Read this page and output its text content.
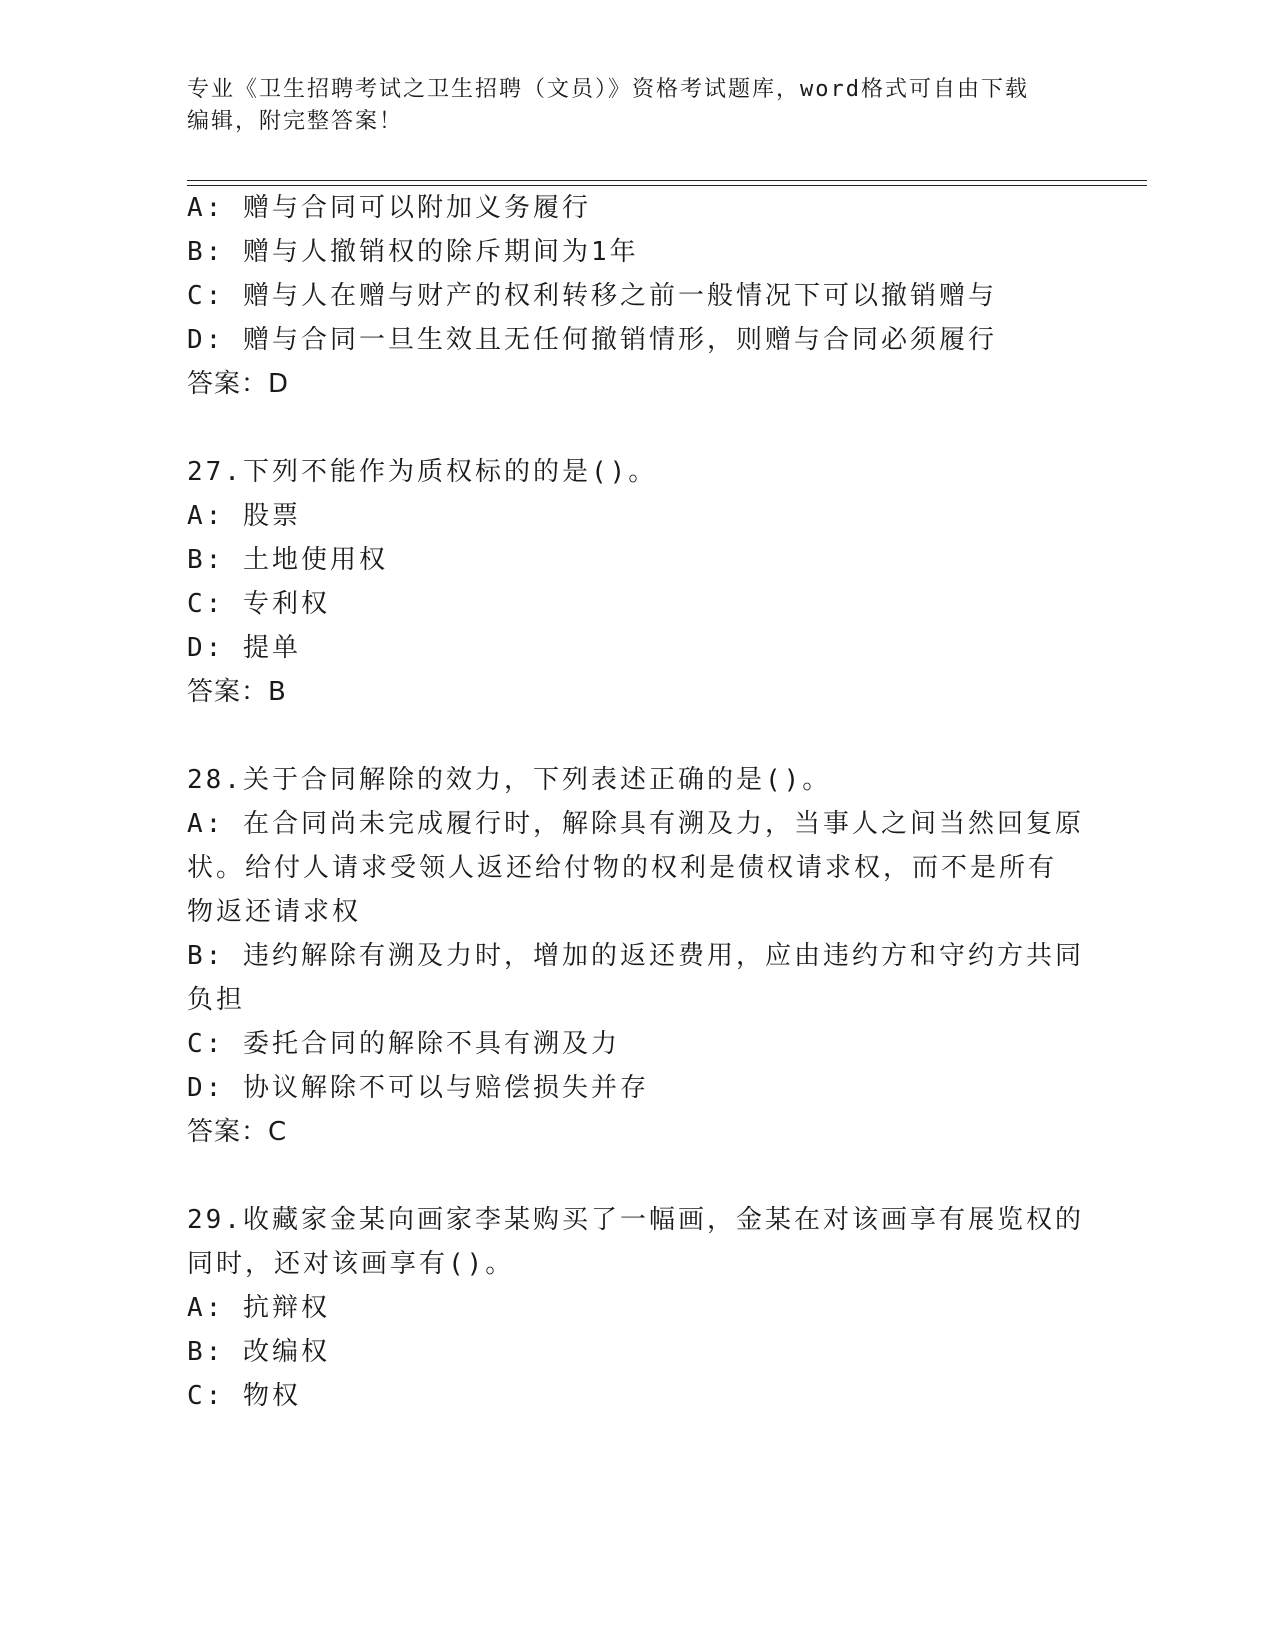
专业《卫生招聘考试之卫生招聘（文员）》资格考试题库，word格式可自由下载
编辑，附完整答案！
A: 赠与合同可以附加义务履行
B: 赠与人撤销权的除斥期间为1年
C: 赠与人在赠与财产的权利转移之前一般情况下可以撤销赠与
D: 赠与合同一旦生效且无任何撤销情形，则赠与合同必须履行
答案：D
27.下列不能作为质权标的的是()。
A: 股票
B: 土地使用权
C: 专利权
D: 提单
答案：B
28.关于合同解除的效力，下列表述正确的是()。
A: 在合同尚未完成履行时，解除具有溯及力，当事人之间当然回复原
状。给付人请求受领人返还给付物的权利是债权请求权，而不是所有
物返还请求权
B: 违约解除有溯及力时，增加的返还费用，应由违约方和守约方共同
负担
C: 委托合同的解除不具有溯及力
D: 协议解除不可以与赔偿损失并存
答案：C
29.收藏家金某向画家李某购买了一幅画，金某在对该画享有展览权的
同时，还对该画享有()。
A: 抗辩权
B: 改编权
C: 物权
